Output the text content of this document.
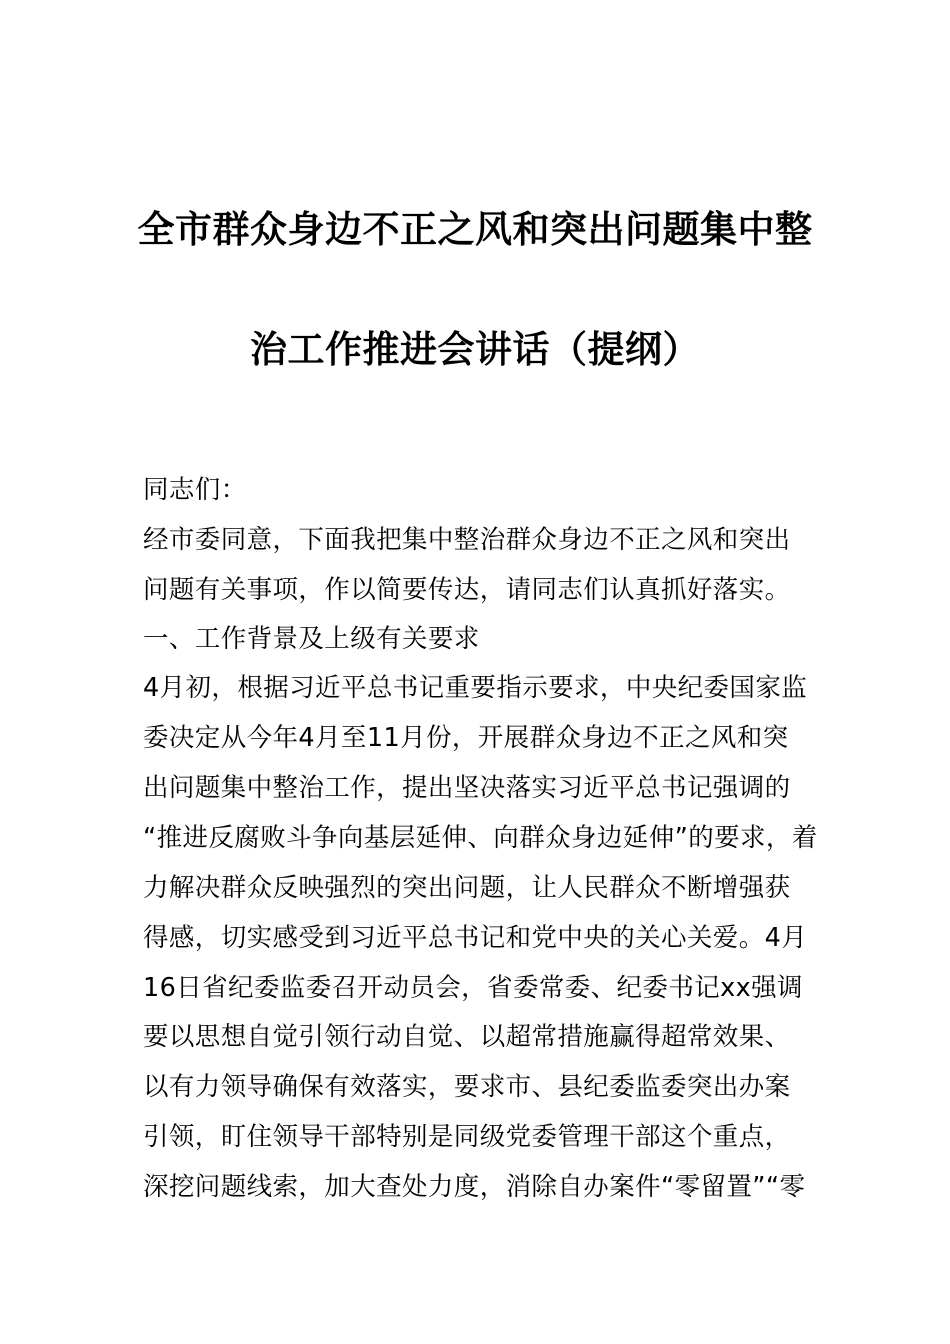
全市群众身边不正之风和突出问题集中整
治工作推进会讲话（提纲）
同志们：
经市委同意，下面我把集中整治群众身边不正之风和突出
问题有关事项，作以简要传达，请同志们认真抓好落实。
一、工作背景及上级有关要求
4月初，根据习近平总书记重要指示要求，中央纪委国家监
委决定从今年4月至11月份，开展群众身边不正之风和突
出问题集中整治工作，提出坚决落实习近平总书记强调的
“推进反腐败斗争向基层延伸、向群众身边延伸”的要求，着
力解决群众反映强烈的突出问题，让人民群众不断增强获
得感，切实感受到习近平总书记和党中央的关心关爱。4月
16日省纪委监委召开动员会，省委常委、纪委书记xx强调
要以思想自觉引领行动自觉、以超常措施赢得超常效果、
以有力领导确保有效落实，要求市、县纪委监委突出办案
引领，盯住领导干部特别是同级党委管理干部这个重点，
深挖问题线索，加大查处力度，消除自办案件“零留置”“零
